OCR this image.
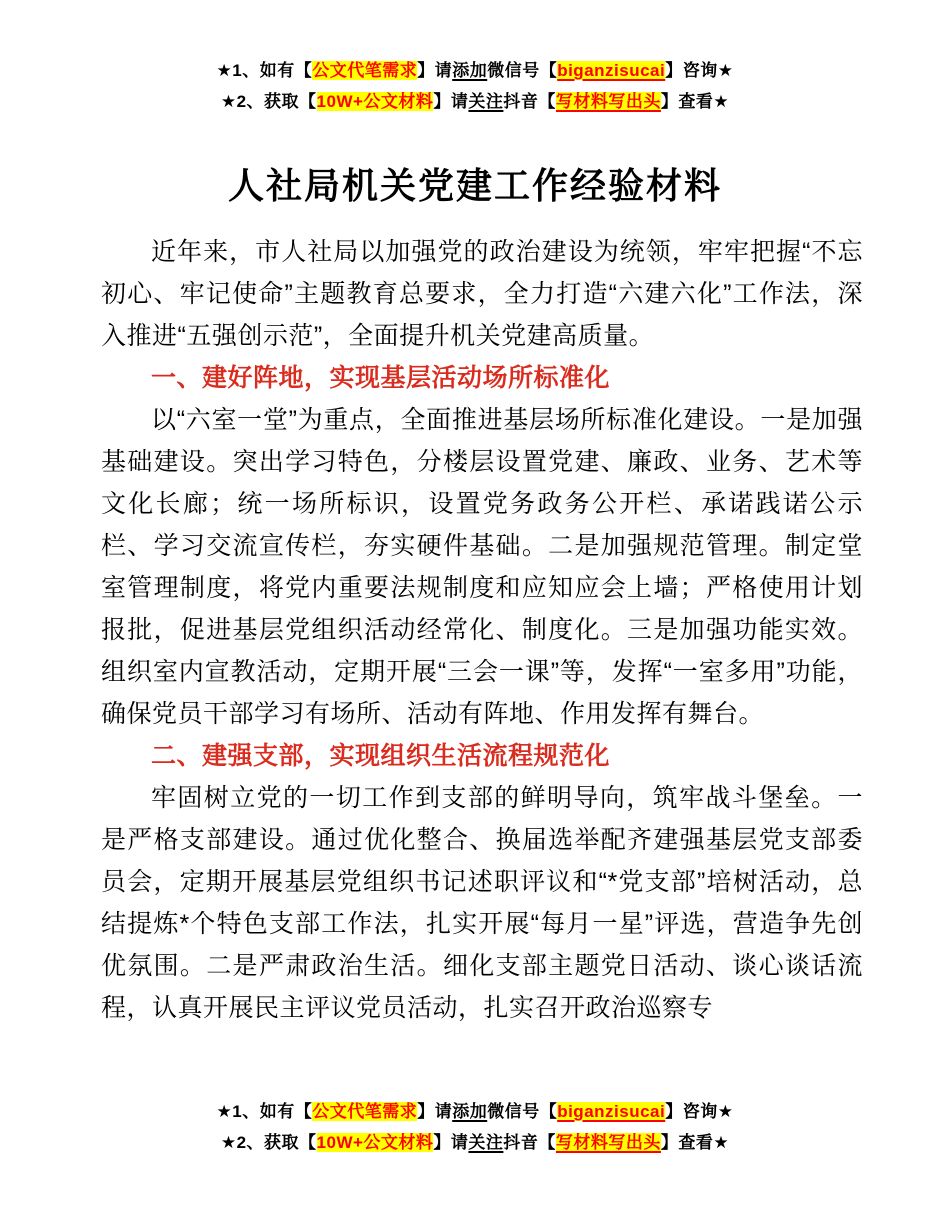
★1、如有【公文代笔需求】请添加微信号【biganzisucai】咨询★
★2、获取【10W+公文材料】请关注抖音【写材料写出头】查看★
人社局机关党建工作经验材料

近年来，市人社局以加强党的政治建设为统领，牢牢把握“不忘初心、牢记使命”主题教育总要求，全力打造“六建六化”工作法，深入推进“五强创示范”，全面提升机关党建高质量。

一、建好阵地，实现基层活动场所标准化

以“六室一堂”为重点，全面推进基层场所标准化建设。一是加强基础建设。突出学习特色，分楼层设置党建、廉政、业务、艺术等文化长廊；统一场所标识，设置党务政务公开栏、承诺践诺公示栏、学习交流宣传栏，夯实硬件基础。二是加强规范管理。制定堂室管理制度，将党内重要法规制度和应知应会上墙；严格使用计划报批，促进基层党组织活动经常化、制度化。三是加强功能实效。组织室内宣教活动，定期开展“三会一课”等，发挥“一室多用”功能，确保党员干部学习有场所、活动有阵地、作用发挥有舞台。

二、建强支部，实现组织生活流程规范化

牢固树立党的一切工作到支部的鲜明导向，筑牢战斗堡垒。一是严格支部建设。通过优化整合、换届选举配齐建强基层党支部委员会，定期开展基层党组织书记述职评议和“*党支部”培树活动，总结提炼*个特色支部工作法，扎实开展“每月一星”评选，营造争先创优氛围。二是严肃政治生活。细化支部主题党日活动、谈心谈话流程，认真开展民主评议党员活动，扎实召开政治巡察专

★1、如有【公文代笔需求】请添加微信号【biganzisucai】咨询★
★2、获取【10W+公文材料】请关注抖音【写材料写出头】查看★
